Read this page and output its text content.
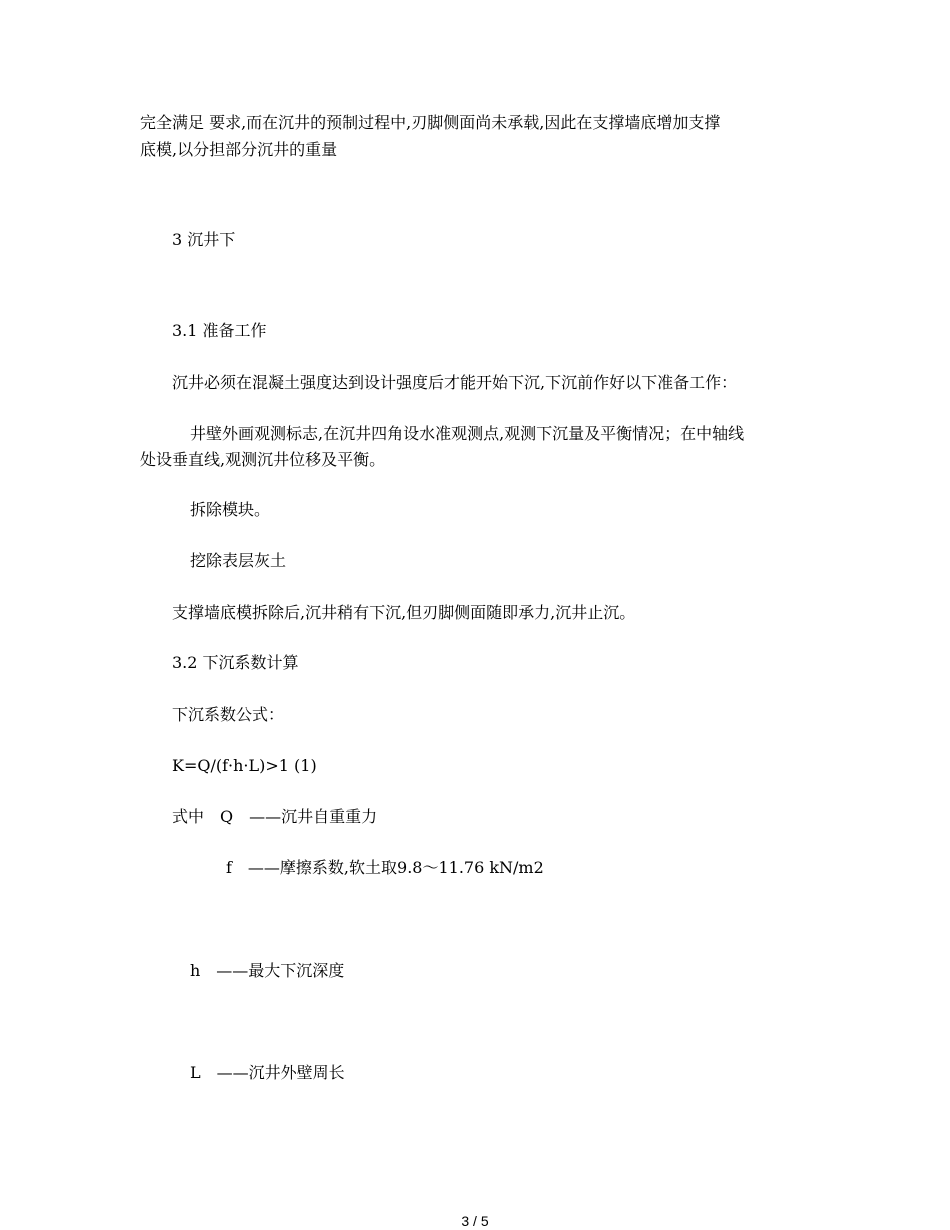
完全满足 要求,而在沉井的预制过程中,刃脚侧面尚未承载,因此在支撑墙底增加支撑
底模,以分担部分沉井的重量
3 沉井下
3.1 准备工作
沉井必须在混凝土强度达到设计强度后才能开始下沉,下沉前作好以下准备工作：
井壁外画观测标志,在沉井四角设水准观测点,观测下沉量及平衡情况；在中轴线
处设垂直线,观测沉井位移及平衡。
拆除模块。
挖除表层灰土
支撑墙底模拆除后,沉井稍有下沉,但刃脚侧面随即承力,沉井止沉。
3.2 下沉系数计算
下沉系数公式：
K=Q/(f·h·L)>1 (1)
式中　Q　——沉井自重重力
f　——摩擦系数,软土取9.8～11.76 kN/m2
h　——最大下沉深度
L　——沉井外壁周长
3 / 5
